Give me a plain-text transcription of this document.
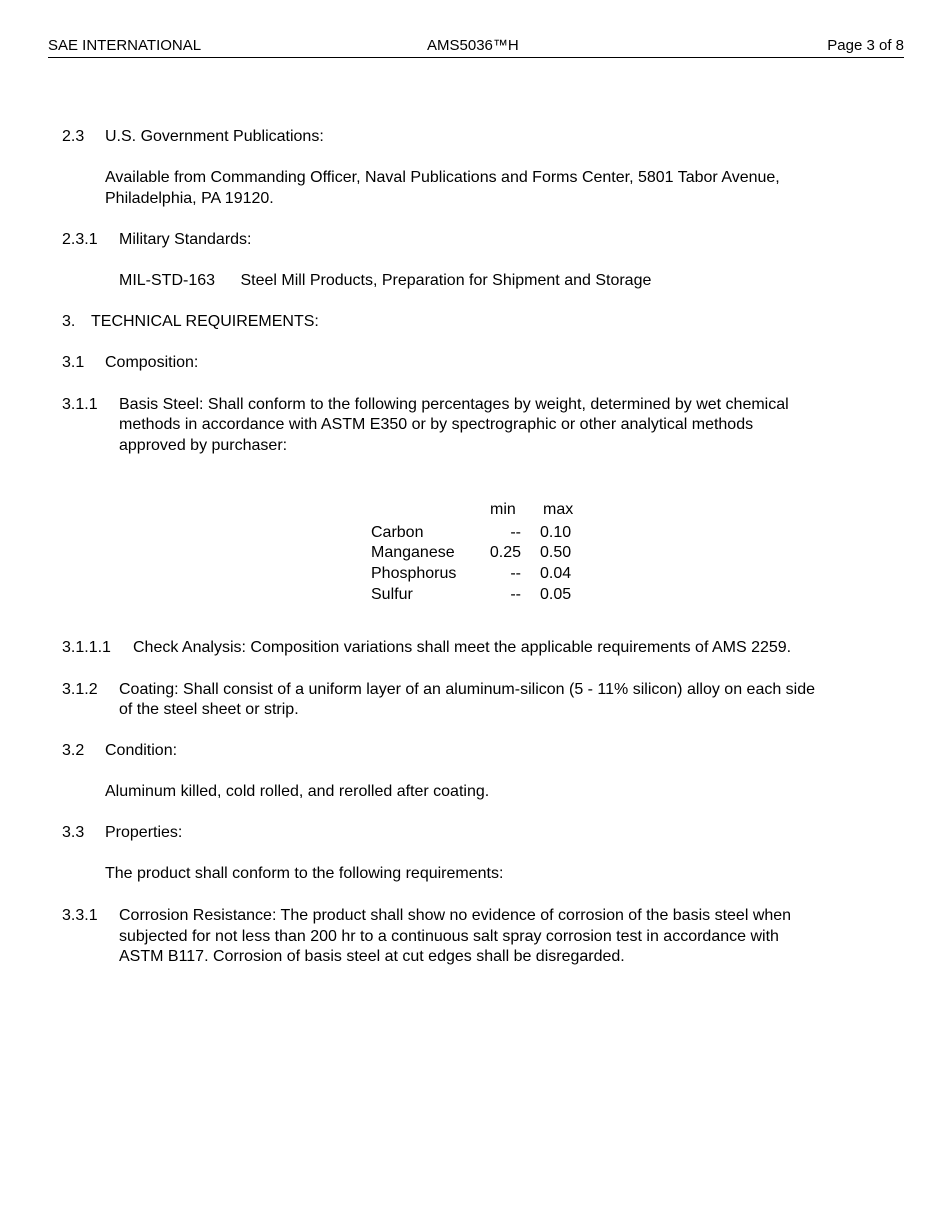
SAE INTERNATIONAL	AMS5036™H	Page 3 of 8
2.3 U.S. Government Publications:
Available from Commanding Officer, Naval Publications and Forms Center, 5801 Tabor Avenue,
Philadelphia, PA 19120.
2.3.1 Military Standards:
MIL-STD-163 Steel Mill Products, Preparation for Shipment and Storage
3. TECHNICAL REQUIREMENTS:
3.1 Composition:
3.1.1 Basis Steel: Shall conform to the following percentages by weight, determined by wet chemical
methods in accordance with ASTM E350 or by spectrographic or other analytical methods
approved by purchaser:
min max
Carbon	-- 0.10
Manganese 0.25 0.50
Phosphorus	-- 0.04
Sulfur	-- 0.05
3.1.1.1 Check Analysis: Composition variations shall meet the applicable requirements of AMS 2259.
3.1.2 Coating: Shall consist of a uniform layer of an aluminum-silicon (5 - 11% silicon) alloy on each side
of the steel sheet or strip.
3.2 Condition:
Aluminum killed, cold rolled, and rerolled after coating.
3.3 Properties:
The product shall conform to the following requirements:
3.3.1 Corrosion Resistance: The product shall show no evidence of corrosion of the basis steel when
subjected for not less than 200 hr to a continuous salt spray corrosion test in accordance with
ASTM B117. Corrosion of basis steel at cut edges shall be disregarded.
